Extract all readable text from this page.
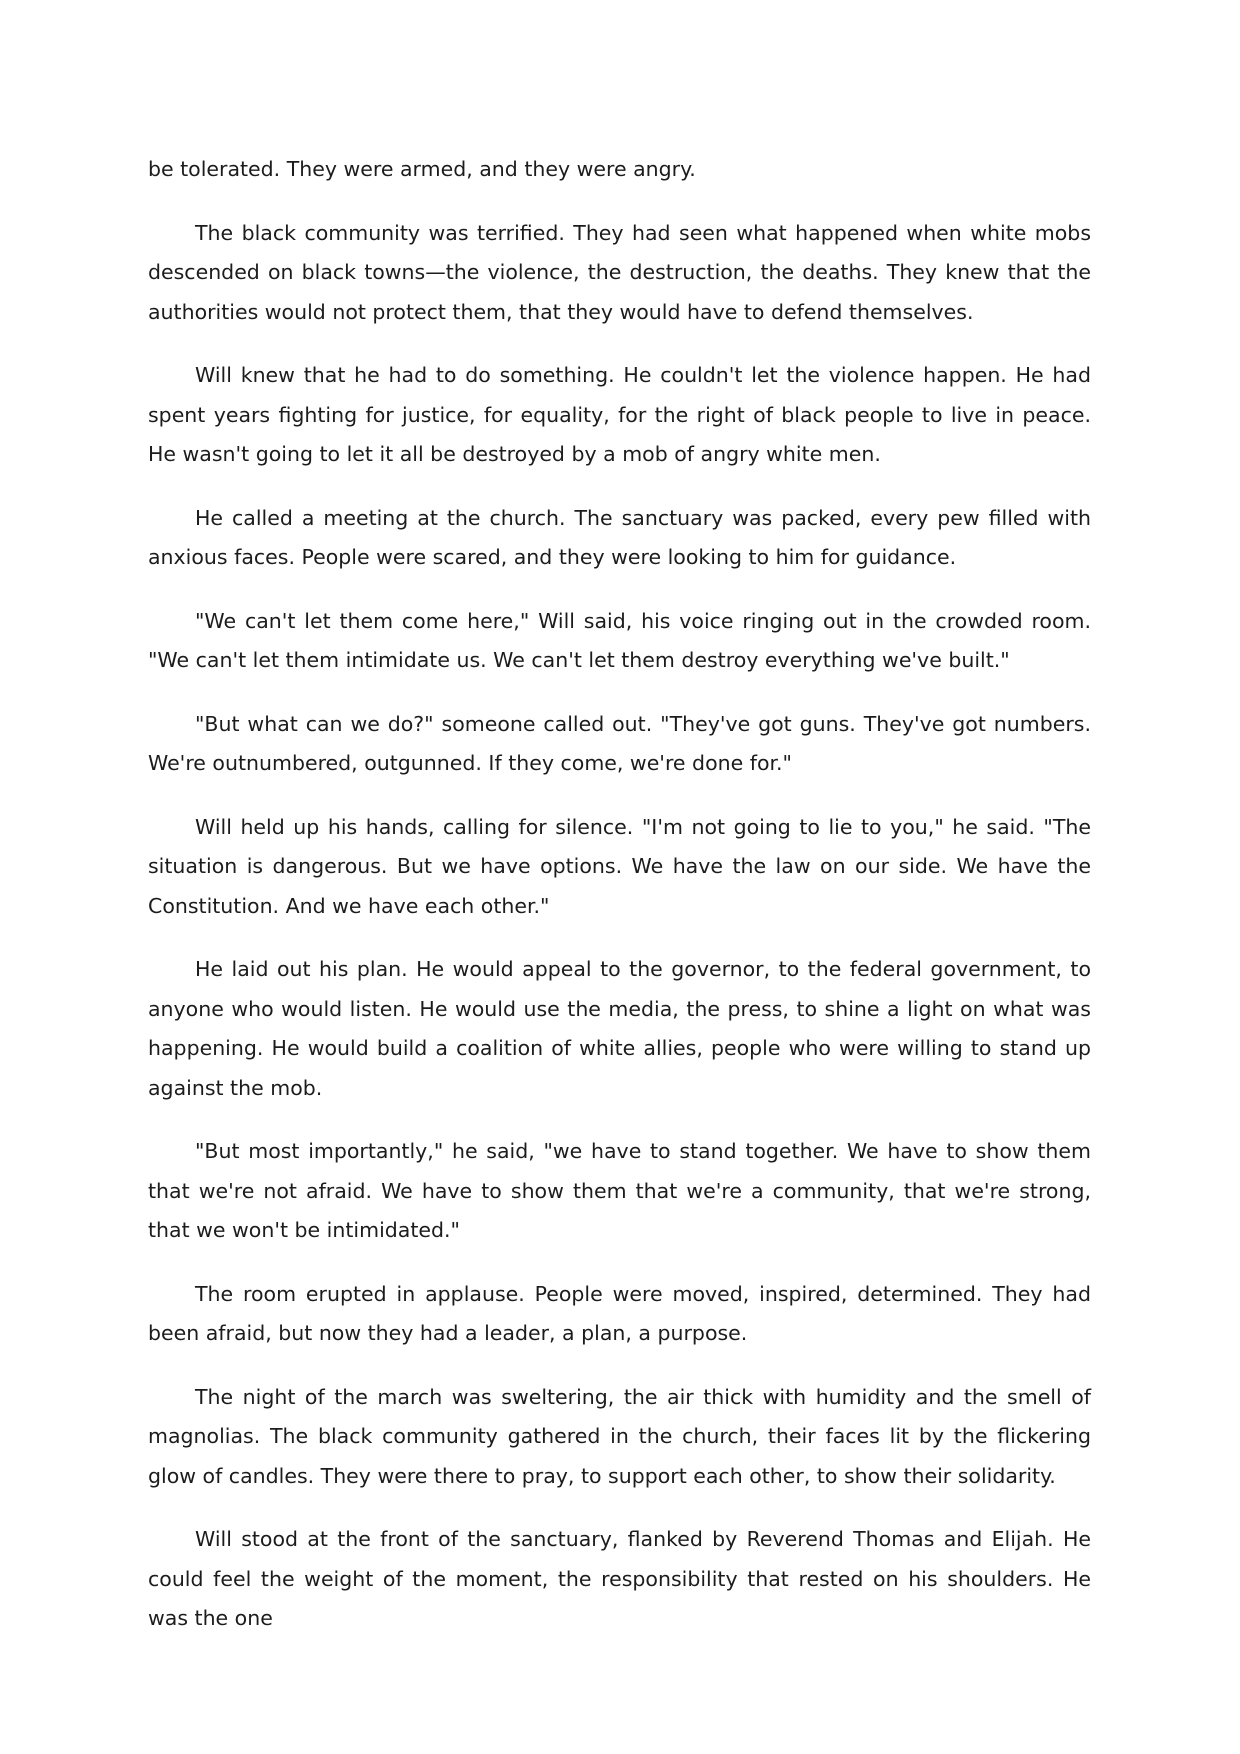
be tolerated. They were armed, and they were angry.

The black community was terrified. They had seen what happened when white mobs descended on black towns—the violence, the destruction, the deaths. They knew that the authorities would not protect them, that they would have to defend themselves.

Will knew that he had to do something. He couldn't let the violence happen. He had spent years fighting for justice, for equality, for the right of black people to live in peace. He wasn't going to let it all be destroyed by a mob of angry white men.

He called a meeting at the church. The sanctuary was packed, every pew filled with anxious faces. People were scared, and they were looking to him for guidance.

"We can't let them come here," Will said, his voice ringing out in the crowded room. "We can't let them intimidate us. We can't let them destroy everything we've built."

"But what can we do?" someone called out. "They've got guns. They've got numbers. We're outnumbered, outgunned. If they come, we're done for."

Will held up his hands, calling for silence. "I'm not going to lie to you," he said. "The situation is dangerous. But we have options. We have the law on our side. We have the Constitution. And we have each other."

He laid out his plan. He would appeal to the governor, to the federal government, to anyone who would listen. He would use the media, the press, to shine a light on what was happening. He would build a coalition of white allies, people who were willing to stand up against the mob.

"But most importantly," he said, "we have to stand together. We have to show them that we're not afraid. We have to show them that we're a community, that we're strong, that we won't be intimidated."

The room erupted in applause. People were moved, inspired, determined. They had been afraid, but now they had a leader, a plan, a purpose.

The night of the march was sweltering, the air thick with humidity and the smell of magnolias. The black community gathered in the church, their faces lit by the flickering glow of candles. They were there to pray, to support each other, to show their solidarity.

Will stood at the front of the sanctuary, flanked by Reverend Thomas and Elijah. He could feel the weight of the moment, the responsibility that rested on his shoulders. He was the one
